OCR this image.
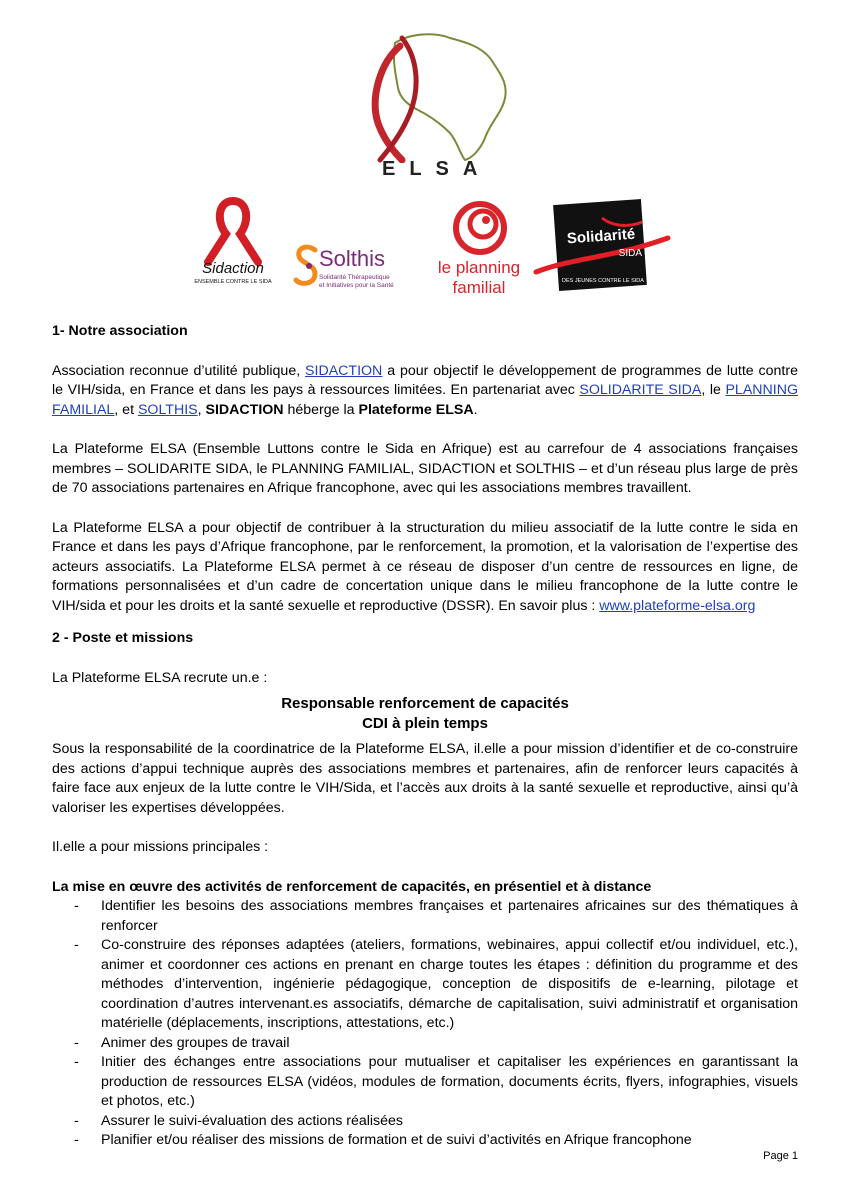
ELSA
Sidaction
ENSEMBLE CONTRE LE SIDA
Solthis
Solidarité Thérapeutique
et Initiatives pour la Santé
le planning
familial
Solidarité
SIDA
DES JEUNES CONTRE LE SIDA

1- Notre association

Association reconnue d’utilité publique, SIDACTION a pour objectif le développement de programmes de lutte contre le VIH/sida, en France et dans les pays à ressources limitées. En partenariat avec SOLIDARITE SIDA, le PLANNING FAMILIAL, et SOLTHIS, SIDACTION héberge la Plateforme ELSA.

La Plateforme ELSA (Ensemble Luttons contre le Sida en Afrique) est au carrefour de 4 associations françaises membres – SOLIDARITE SIDA, le PLANNING FAMILIAL, SIDACTION et SOLTHIS – et d’un réseau plus large de près de 70 associations partenaires en Afrique francophone, avec qui les associations membres travaillent.

La Plateforme ELSA a pour objectif de contribuer à la structuration du milieu associatif de la lutte contre le sida en France et dans les pays d’Afrique francophone, par le renforcement, la promotion, et la valorisation de l’expertise des acteurs associatifs. La Plateforme ELSA permet à ce réseau de disposer d’un centre de ressources en ligne, de formations personnalisées et d’un cadre de concertation unique dans le milieu francophone de la lutte contre le VIH/sida et pour les droits et la santé sexuelle et reproductive (DSSR). En savoir plus : www.plateforme-elsa.org

2 - Poste et missions

La Plateforme ELSA recrute un.e :

Responsable renforcement de capacités

CDI à plein temps

Sous la responsabilité de la coordinatrice de la Plateforme ELSA, il.elle a pour mission d’identifier et de co-construire des actions d’appui technique auprès des associations membres et partenaires, afin de renforcer leurs capacités à faire face aux enjeux de la lutte contre le VIH/Sida, et l’accès aux droits à la santé sexuelle et reproductive, ainsi qu’à valoriser les expertises développées.

Il.elle a pour missions principales :

La mise en œuvre des activités de renforcement de capacités, en présentiel et à distance

- Identifier les besoins des associations membres françaises et partenaires africaines sur des thématiques à renforcer
- Co-construire des réponses adaptées (ateliers, formations, webinaires, appui collectif et/ou individuel, etc.), animer et coordonner ces actions en prenant en charge toutes les étapes : définition du programme et des méthodes d’intervention, ingénierie pédagogique, conception de dispositifs de e-learning, pilotage et coordination d’autres intervenant.es associatifs, démarche de capitalisation, suivi administratif et organisation matérielle (déplacements, inscriptions, attestations, etc.)
- Animer des groupes de travail
- Initier des échanges entre associations pour mutualiser et capitaliser les expériences en garantissant la production de ressources ELSA (vidéos, modules de formation, documents écrits, flyers, infographies, visuels et photos, etc.)
- Assurer le suivi-évaluation des actions réalisées
- Planifier et/ou réaliser des missions de formation et de suivi d’activités en Afrique francophone
Page 1
